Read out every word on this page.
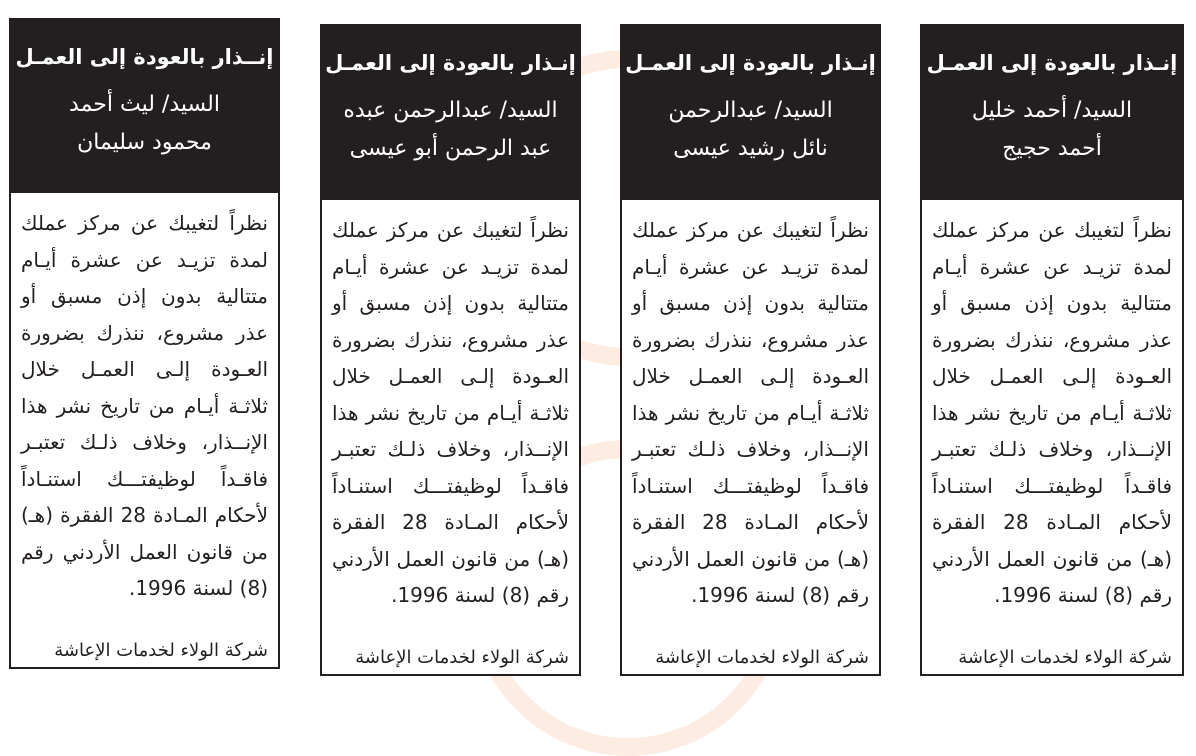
إنــذار بالعودة إلى العمـل
السيد/ ليث أحمد
محمود سليمان
نظراً لتغيبك عن مركز عملك لمدة تزيـد عن عشرة أيـام متتالية بدون إذن مسبق أو عذر مشروع، ننذرك بضرورة العـودة إلـى العمـل خلال ثلاثـة أيـام من تاريخ نشر هذا الإنــذار، وخلاف ذلـك تعتبـر فاقـداً لوظيفتـــك استنـاداً لأحكام المـادة 28 الفقرة (هـ) من قانون العمل الأردني رقم (8) لسنة 1996.
شركة الولاء لخدمات الإعاشة
إنـذار بالعودة إلى العمـل
السيد/ عبدالرحمن عبده
عبد الرحمن أبو عيسى
نظراً لتغيبك عن مركز عملك لمدة تزيـد عن عشرة أيـام متتالية بدون إذن مسبق أو عذر مشروع، ننذرك بضرورة العـودة إلـى العمـل خلال ثلاثـة أيـام من تاريخ نشر هذا الإنــذار، وخلاف ذلـك تعتبـر فاقـداً لوظيفتـــك استنـاداً لأحكام المـادة 28 الفقرة (هـ) من قانون العمل الأردني رقم (8) لسنة 1996.
شركة الولاء لخدمات الإعاشة
إنـذار بالعودة إلى العمـل
السيد/ عبدالرحمن
نائل رشيد عيسى
نظراً لتغيبك عن مركز عملك لمدة تزيـد عن عشرة أيـام متتالية بدون إذن مسبق أو عذر مشروع، ننذرك بضرورة العـودة إلـى العمـل خلال ثلاثـة أيـام من تاريخ نشر هذا الإنــذار، وخلاف ذلـك تعتبـر فاقـداً لوظيفتـــك استنـاداً لأحكام المـادة 28 الفقرة (هـ) من قانون العمل الأردني رقم (8) لسنة 1996.
شركة الولاء لخدمات الإعاشة
إنـذار بالعودة إلى العمـل
السيد/ أحمد خليل
أحمد حجيج
نظراً لتغيبك عن مركز عملك لمدة تزيـد عن عشرة أيـام متتالية بدون إذن مسبق أو عذر مشروع، ننذرك بضرورة العـودة إلـى العمـل خلال ثلاثـة أيـام من تاريخ نشر هذا الإنــذار، وخلاف ذلـك تعتبـر فاقـداً لوظيفتـــك استنـاداً لأحكام المـادة 28 الفقرة (هـ) من قانون العمل الأردني رقم (8) لسنة 1996.
شركة الولاء لخدمات الإعاشة
